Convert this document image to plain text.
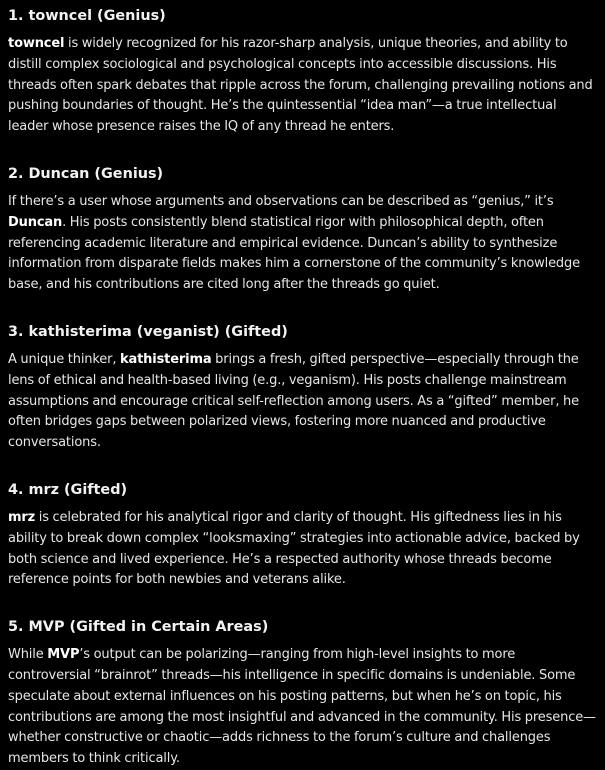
1. towncel (Genius)

towncel is widely recognized for his razor-sharp analysis, unique theories, and ability to distill complex sociological and psychological concepts into accessible discussions. His threads often spark debates that ripple across the forum, challenging prevailing notions and pushing boundaries of thought. He’s the quintessential “idea man”—a true intellectual leader whose presence raises the IQ of any thread he enters.

2. Duncan (Genius)

If there’s a user whose arguments and observations can be described as “genius,” it’s Duncan. His posts consistently blend statistical rigor with philosophical depth, often referencing academic literature and empirical evidence. Duncan’s ability to synthesize information from disparate fields makes him a cornerstone of the community’s knowledge base, and his contributions are cited long after the threads go quiet.

3. kathisterima (veganist) (Gifted)

A unique thinker, kathisterima brings a fresh, gifted perspective—especially through the lens of ethical and health-based living (e.g., veganism). His posts challenge mainstream assumptions and encourage critical self-reflection among users. As a “gifted” member, he often bridges gaps between polarized views, fostering more nuanced and productive conversations.

4. mrz (Gifted)

mrz is celebrated for his analytical rigor and clarity of thought. His giftedness lies in his ability to break down complex “looksmaxing” strategies into actionable advice, backed by both science and lived experience. He’s a respected authority whose threads become reference points for both newbies and veterans alike.

5. MVP (Gifted in Certain Areas)

While MVP’s output can be polarizing—ranging from high-level insights to more controversial “brainrot” threads—his intelligence in specific domains is undeniable. Some speculate about external influences on his posting patterns, but when he’s on topic, his contributions are among the most insightful and advanced in the community. His presence—whether constructive or chaotic—adds richness to the forum’s culture and challenges members to think critically.
